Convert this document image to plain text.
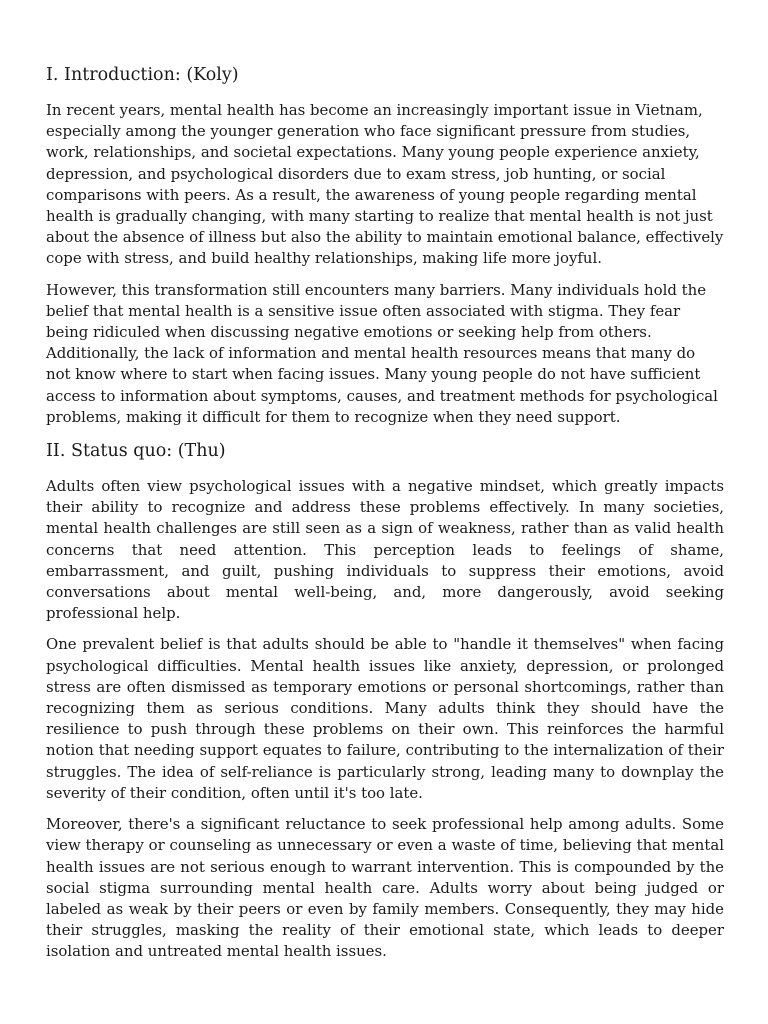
I. Introduction: (Koly)

In recent years, mental health has become an increasingly important issue in Vietnam, especially among the younger generation who face significant pressure from studies, work, relationships, and societal expectations. Many young people experience anxiety, depression, and psychological disorders due to exam stress, job hunting, or social comparisons with peers. As a result, the awareness of young people regarding mental health is gradually changing, with many starting to realize that mental health is not just about the absence of illness but also the ability to maintain emotional balance, effectively cope with stress, and build healthy relationships, making life more joyful.

However, this transformation still encounters many barriers. Many individuals hold the belief that mental health is a sensitive issue often associated with stigma. They fear being ridiculed when discussing negative emotions or seeking help from others. Additionally, the lack of information and mental health resources means that many do not know where to start when facing issues. Many young people do not have sufficient access to information about symptoms, causes, and treatment methods for psychological problems, making it difficult for them to recognize when they need support.

II. Status quo: (Thu)

Adults often view psychological issues with a negative mindset, which greatly impacts their ability to recognize and address these problems effectively. In many societies, mental health challenges are still seen as a sign of weakness, rather than as valid health concerns that need attention. This perception leads to feelings of shame, embarrassment, and guilt, pushing individuals to suppress their emotions, avoid conversations about mental well-being, and, more dangerously, avoid seeking professional help.

One prevalent belief is that adults should be able to "handle it themselves" when facing psychological difficulties. Mental health issues like anxiety, depression, or prolonged stress are often dismissed as temporary emotions or personal shortcomings, rather than recognizing them as serious conditions. Many adults think they should have the resilience to push through these problems on their own. This reinforces the harmful notion that needing support equates to failure, contributing to the internalization of their struggles. The idea of self-reliance is particularly strong, leading many to downplay the severity of their condition, often until it's too late.

Moreover, there's a significant reluctance to seek professional help among adults. Some view therapy or counseling as unnecessary or even a waste of time, believing that mental health issues are not serious enough to warrant intervention. This is compounded by the social stigma surrounding mental health care. Adults worry about being judged or labeled as weak by their peers or even by family members. Consequently, they may hide their struggles, masking the reality of their emotional state, which leads to deeper isolation and untreated mental health issues.
